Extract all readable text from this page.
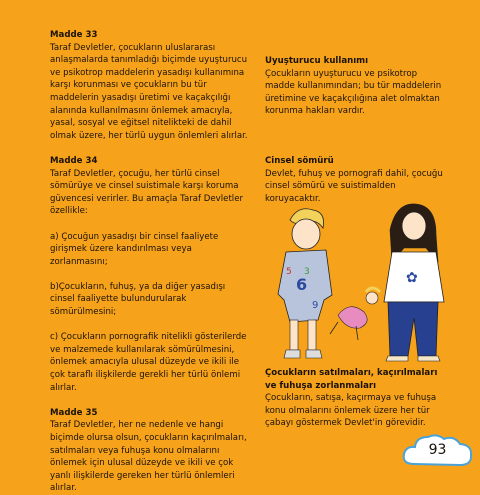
Madde 33
Taraf Devletler, çocukların uluslararası anlaşmalarda tanımladığı biçimde uyuşturucu ve psikotrop maddelerin yasadışı kullanımına karşı korunması ve çocukların bu tür maddelerin yasadışı üretimi ve kaçakçılığı alanında kullanılmasını önlemek amacıyla, yasal, sosyal ve eğitsel nitelikteki de dahil olmak üzere, her türlü uygun önlemleri alırlar.
Madde 34
Taraf Devletler, çocuğu, her türlü cinsel sömürüye ve cinsel suistimale karşı koruma güvencesi verirler. Bu amaçla Taraf Devletler özellikle:
a) Çocuğun yasadışı bir cinsel faaliyete girişmek üzere kandırılması veya zorlanmasını;
b)Çocukların, fuhuş, ya da diğer yasadışı cinsel faaliyette bulundurularak sömürülmesini;
c) Çocukların pornografik nitelikli gösterilerde ve malzemede kullanılarak sömürülmesini, önlemek amacıyla ulusal düzeyde ve ikili ile çok taraflı ilişkilerde gerekli her türlü önlemi alırlar.
Madde 35
Taraf Devletler, her ne nedenle ve hangi biçimde olursa olsun, çocukların kaçırılmaları, satılmaları veya fuhuşa konu olmalarını önlemek için ulusal düzeyde ve ikili ve çok yanlı ilişkilerde gereken her türlü önlemleri alırlar.
Uyuşturucu kullanımı
Çocukların uyuşturucu ve psikotrop madde kullanımından; bu tür maddelerin üretimine ve kaçakçılığına alet olmaktan korunma hakları vardır.
Cinsel sömürü
Devlet, fuhuş ve pornografi dahil, çocuğu cinsel sömürü ve suistimalden koruyacaktır.
6
5
9
3	✿
Çocukların satılmaları, kaçırılmaları ve fuhuşa zorlanmaları
Çocukların, satışa, kaçırmaya ve fuhuşa konu olmalarını önlemek üzere her tür çabayı göstermek Devlet'in görevidir.
93
